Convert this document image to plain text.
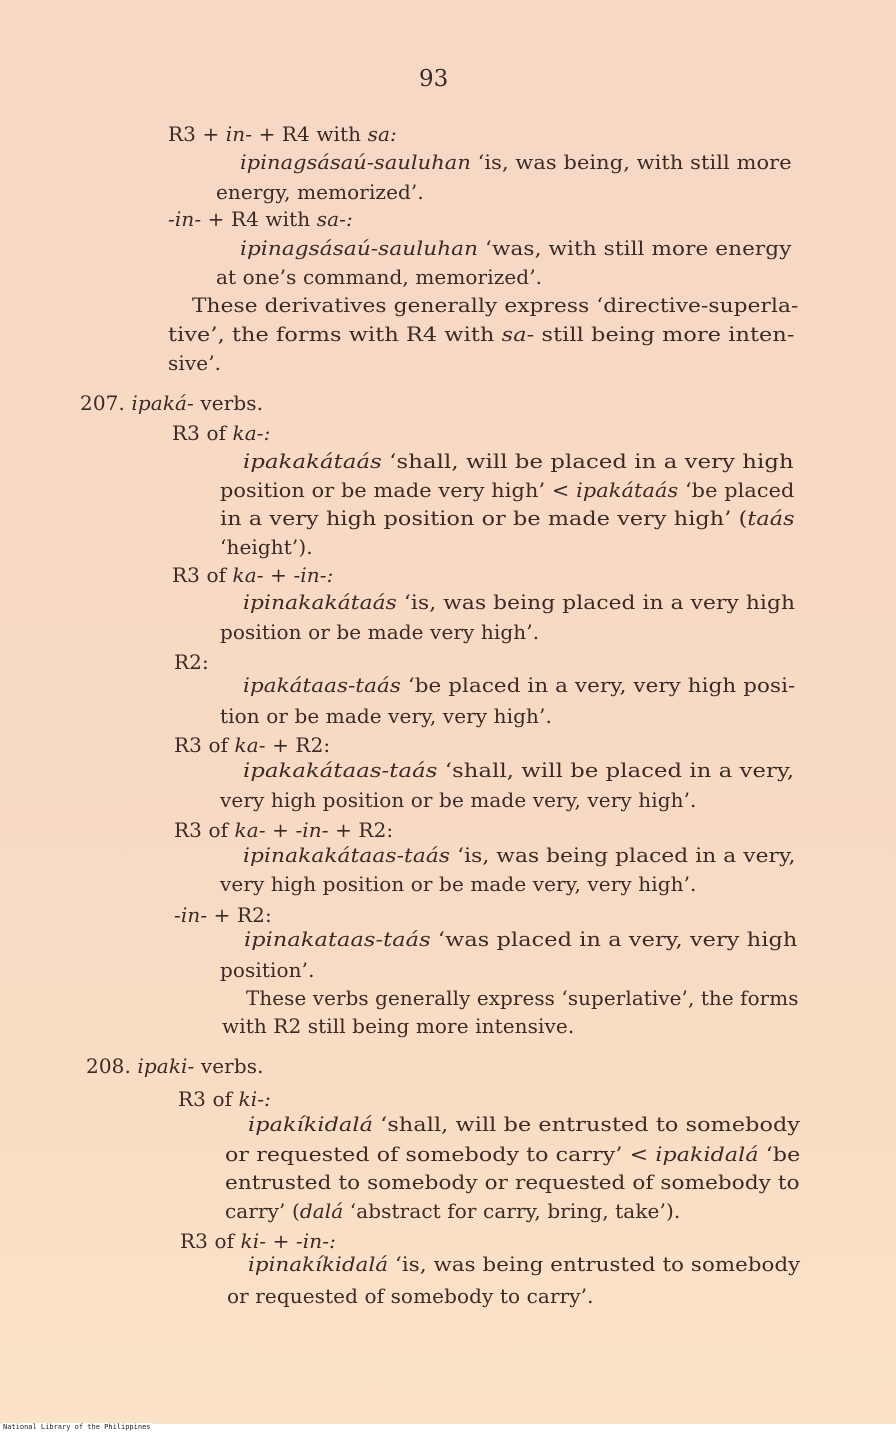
93
R3 + in- + R4 with sa:
ipinagsásaú-sauluhan ‘is, was being, with still more
energy, memorized’.
-in- + R4 with sa-:
ipinagsásaú-sauluhan ‘was, with still more energy
at one’s command, memorized’.
These derivatives generally express ‘directive-superla-
tive’, the forms with R4 with sa- still being more inten-
sive’.
207. ipaká- verbs.
R3 of ka-:
ipakakátaás ‘shall, will be placed in a very high
position or be made very high’ < ipakátaás ‘be placed
in a very high position or be made very high’ (taás
‘height’).
R3 of ka- + -in-:
ipinakakátaás ‘is, was being placed in a very high
position or be made very high’.
R2:
ipakátaas-taás ‘be placed in a very, very high posi-
tion or be made very, very high’.
R3 of ka- + R2:
ipakakátaas-taás ‘shall, will be placed in a very,
very high position or be made very, very high’.
R3 of ka- + -in- + R2:
ipinakakátaas-taás ‘is, was being placed in a very,
very high position or be made very, very high’.
-in- + R2:
ipinakataas-taás ‘was placed in a very, very high
position’.
These verbs generally express ‘superlative’, the forms
with R2 still being more intensive.
208. ipaki- verbs.
R3 of ki-:
ipakíkidalá ‘shall, will be entrusted to somebody
or requested of somebody to carry’ < ipakidalá ‘be
entrusted to somebody or requested of somebody to
carry’ (dalá ‘abstract for carry, bring, take’).
R3 of ki- + -in-:
ipinakíkidalá ‘is, was being entrusted to somebody
or requested of somebody to carry’.
National Library of the Philippines
